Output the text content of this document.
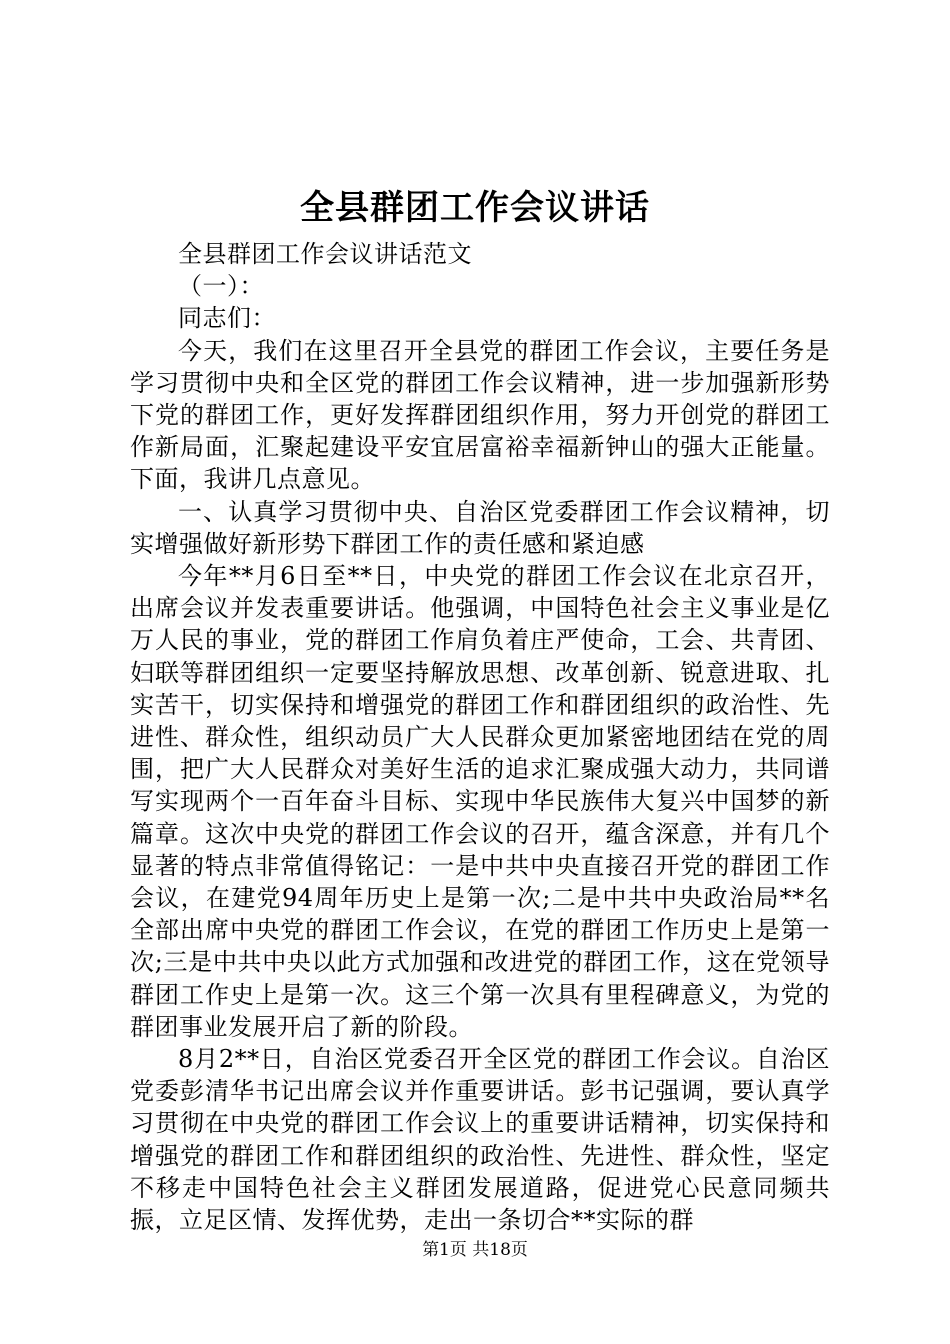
全县群团工作会议讲话

全县群团工作会议讲话范文

（一）：

同志们：

今天，我们在这里召开全县党的群团工作会议，主要任务是学习贯彻中央和全区党的群团工作会议精神，进一步加强新形势下党的群团工作，更好发挥群团组织作用，努力开创党的群团工作新局面，汇聚起建设平安宜居富裕幸福新钟山的强大正能量。下面，我讲几点意见。

一、认真学习贯彻中央、自治区党委群团工作会议精神，切实增强做好新形势下群团工作的责任感和紧迫感

今年**月6日至**日，中央党的群团工作会议在北京召开，出席会议并发表重要讲话。他强调，中国特色社会主义事业是亿万人民的事业，党的群团工作肩负着庄严使命，工会、共青团、妇联等群团组织一定要坚持解放思想、改革创新、锐意进取、扎实苦干，切实保持和增强党的群团工作和群团组织的政治性、先进性、群众性，组织动员广大人民群众更加紧密地团结在党的周围，把广大人民群众对美好生活的追求汇聚成强大动力，共同谱写实现两个一百年奋斗目标、实现中华民族伟大复兴中国梦的新篇章。这次中央党的群团工作会议的召开，蕴含深意，并有几个显著的特点非常值得铭记：一是中共中央直接召开党的群团工作会议，在建党94周年历史上是第一次;二是中共中央政治局**名全部出席中央党的群团工作会议，在党的群团工作历史上是第一次;三是中共中央以此方式加强和改进党的群团工作，这在党领导群团工作史上是第一次。这三个第一次具有里程碑意义，为党的群团事业发展开启了新的阶段。

8月2**日，自治区党委召开全区党的群团工作会议。自治区党委彭清华书记出席会议并作重要讲话。彭书记强调，要认真学习贯彻在中央党的群团工作会议上的重要讲话精神，切实保持和增强党的群团工作和群团组织的政治性、先进性、群众性，坚定不移走中国特色社会主义群团发展道路，促进党心民意同频共振，立足区情、发挥优势，走出一条切合**实际的群

第1页 共18页
